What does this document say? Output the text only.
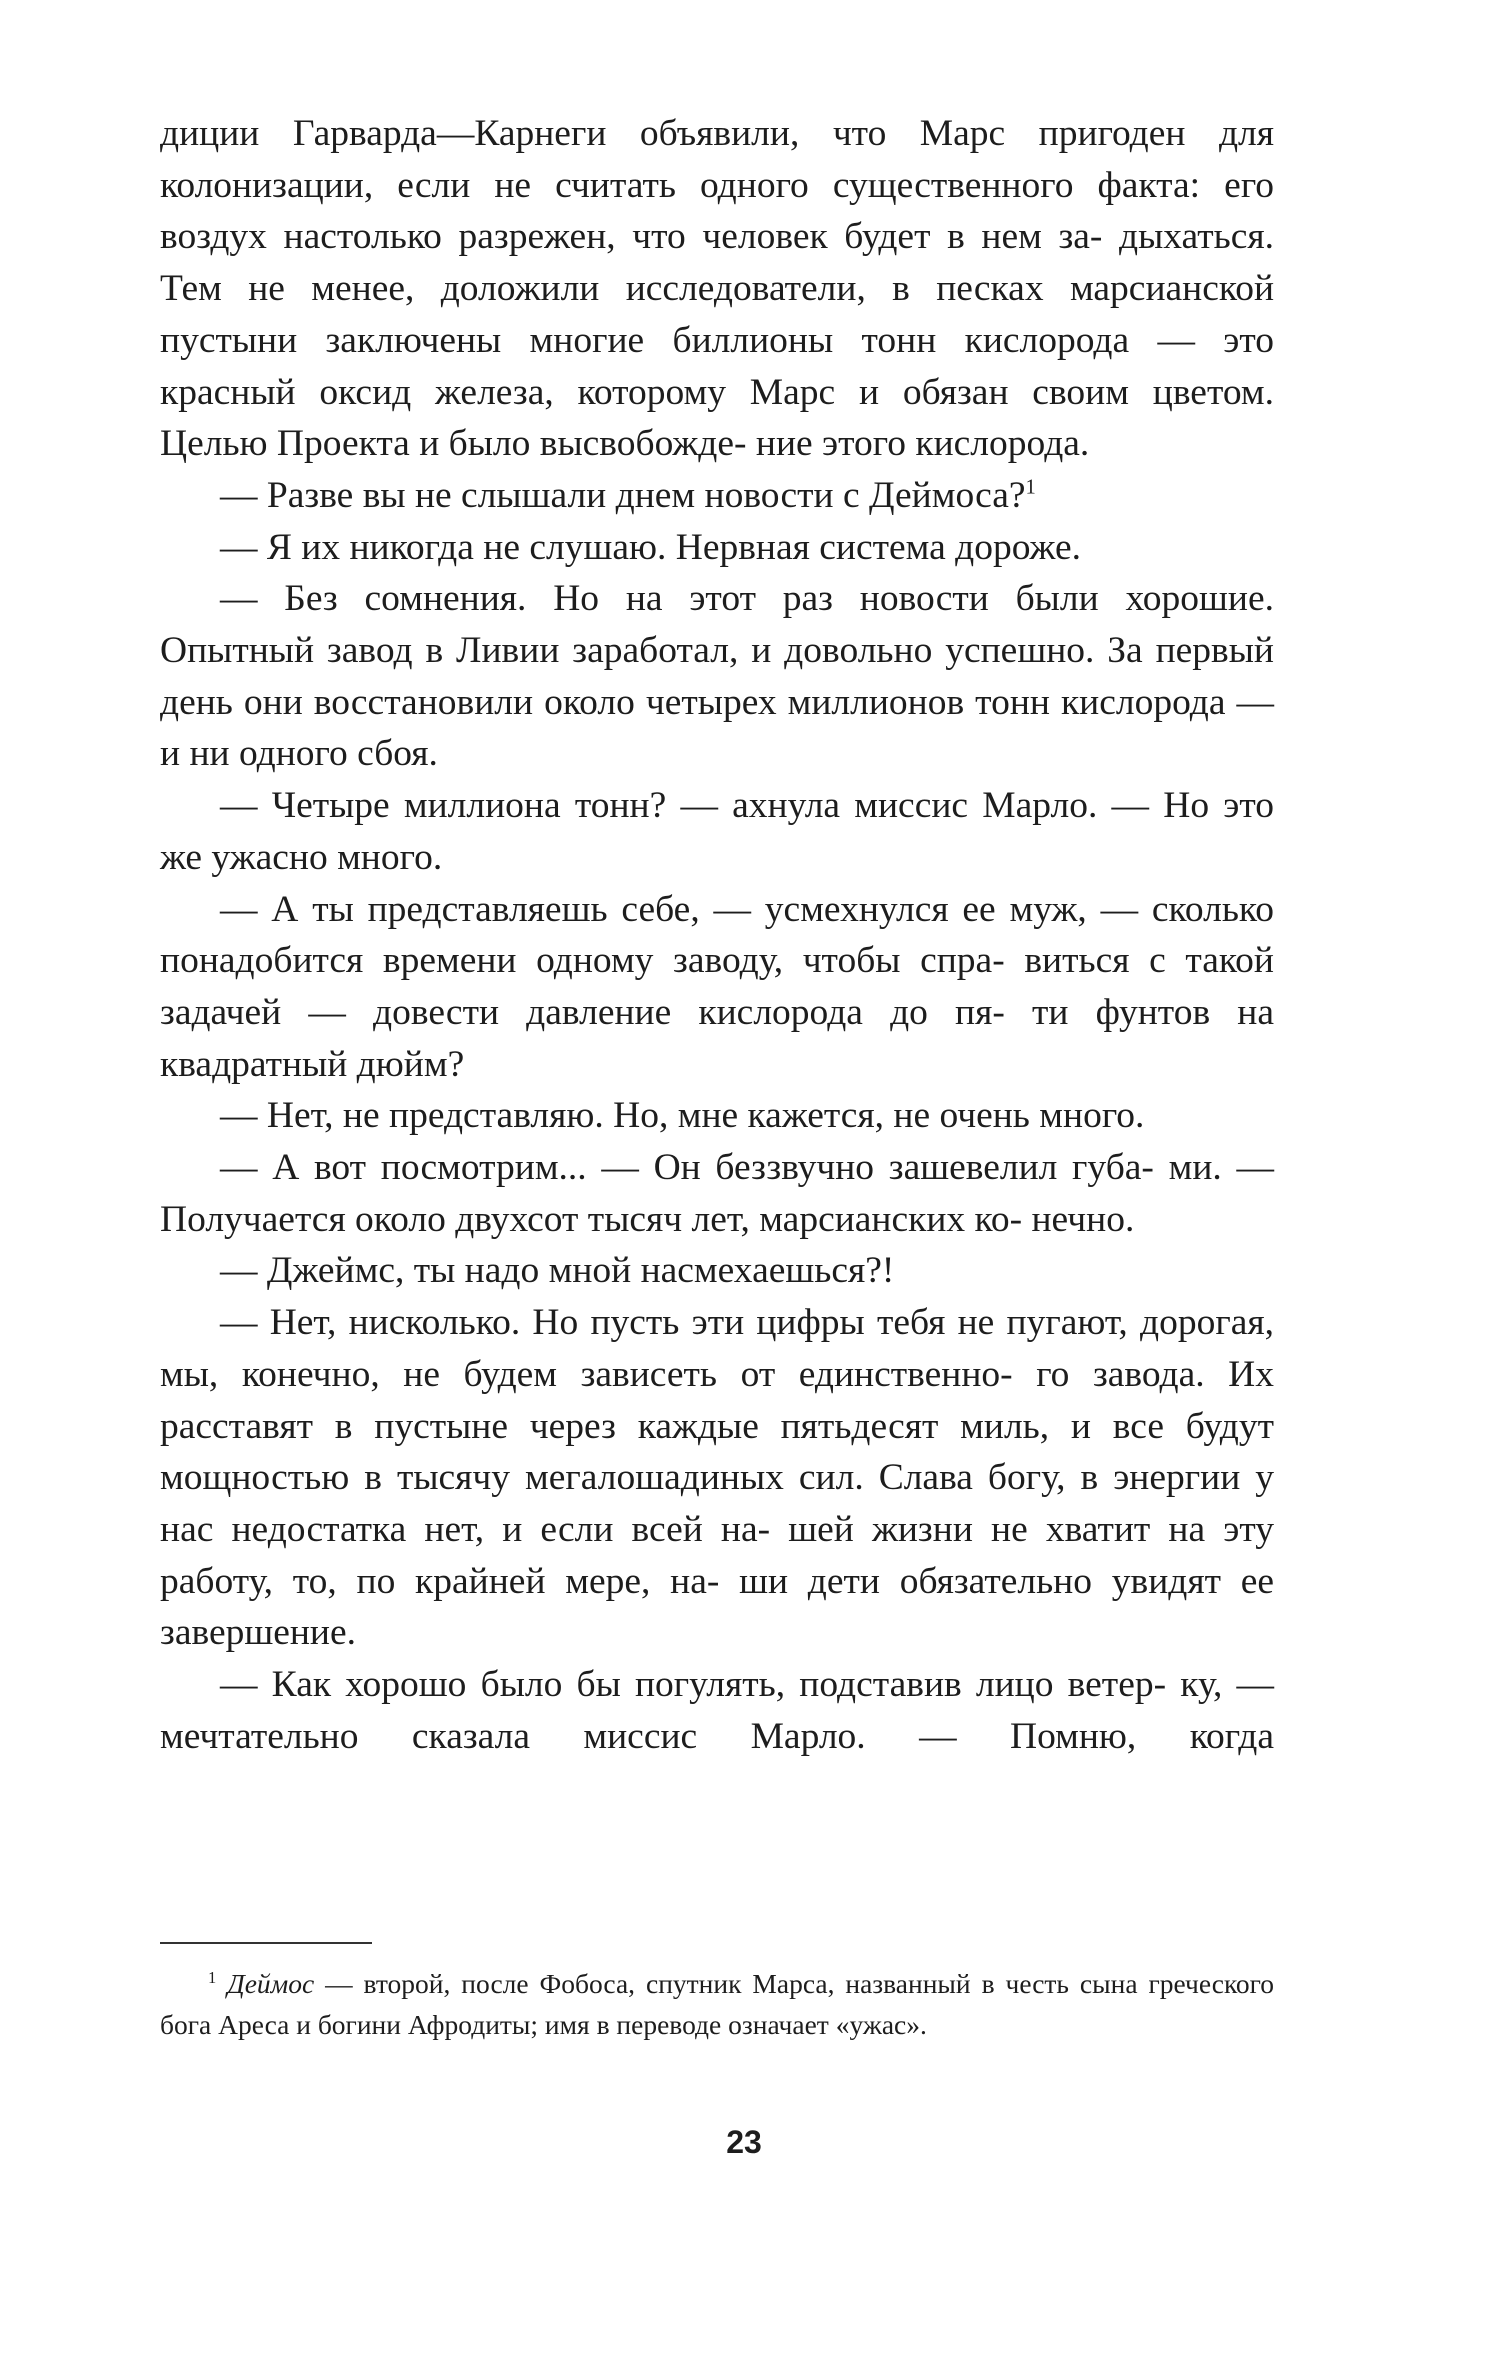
диции Гарварда—Карнеги объявили, что Марс пригоден для колонизации, если не считать одного существенного факта: его воздух настолько разрежен, что человек будет в нем за- дыхаться. Тем не менее, доложили исследователи, в песках марсианской пустыни заключены многие биллионы тонн кислорода — это красный оксид железа, которому Марс и обязан своим цветом. Целью Проекта и было высвобожде- ние этого кислорода.

— Разве вы не слышали днем новости с Деймоса?$^1$

— Я их никогда не слушаю. Нервная система дороже.

— Без сомнения. Но на этот раз новости были хорошие. Опытный завод в Ливии заработал, и довольно успешно. За первый день они восстановили около четырех миллионов тонн кислорода — и ни одного сбоя.

— Четыре миллиона тонн? — ахнула миссис Марло. — Но это же ужасно много.

— А ты представляешь себе, — усмехнулся ее муж, — сколько понадобится времени одному заводу, чтобы спра- виться с такой задачей — довести давление кислорода до пя- ти фунтов на квадратный дюйм?

— Нет, не представляю. Но, мне кажется, не очень много.

— А вот посмотрим... — Он беззвучно зашевелил губа- ми. — Получается около двухсот тысяч лет, марсианских ко- нечно.

— Джеймс, ты надо мной насмехаешься?!

— Нет, нисколько. Но пусть эти цифры тебя не пугают, дорогая, мы, конечно, не будем зависеть от единственно- го завода. Их расставят в пустыне через каждые пятьдесят миль, и все будут мощностью в тысячу мегалошадиных сил. Слава богу, в энергии у нас недостатка нет, и если всей на- шей жизни не хватит на эту работу, то, по крайней мере, на- ши дети обязательно увидят ее завершение.

— Как хорошо было бы погулять, подставив лицо ветер- ку, — мечтательно сказала миссис Марло. — Помню, когда

$^1$ Деймос — второй, после Фобоса, спутник Марса, названный в честь сына греческого бога Ареса и богини Афродиты; имя в переводе означает «ужас».

23
